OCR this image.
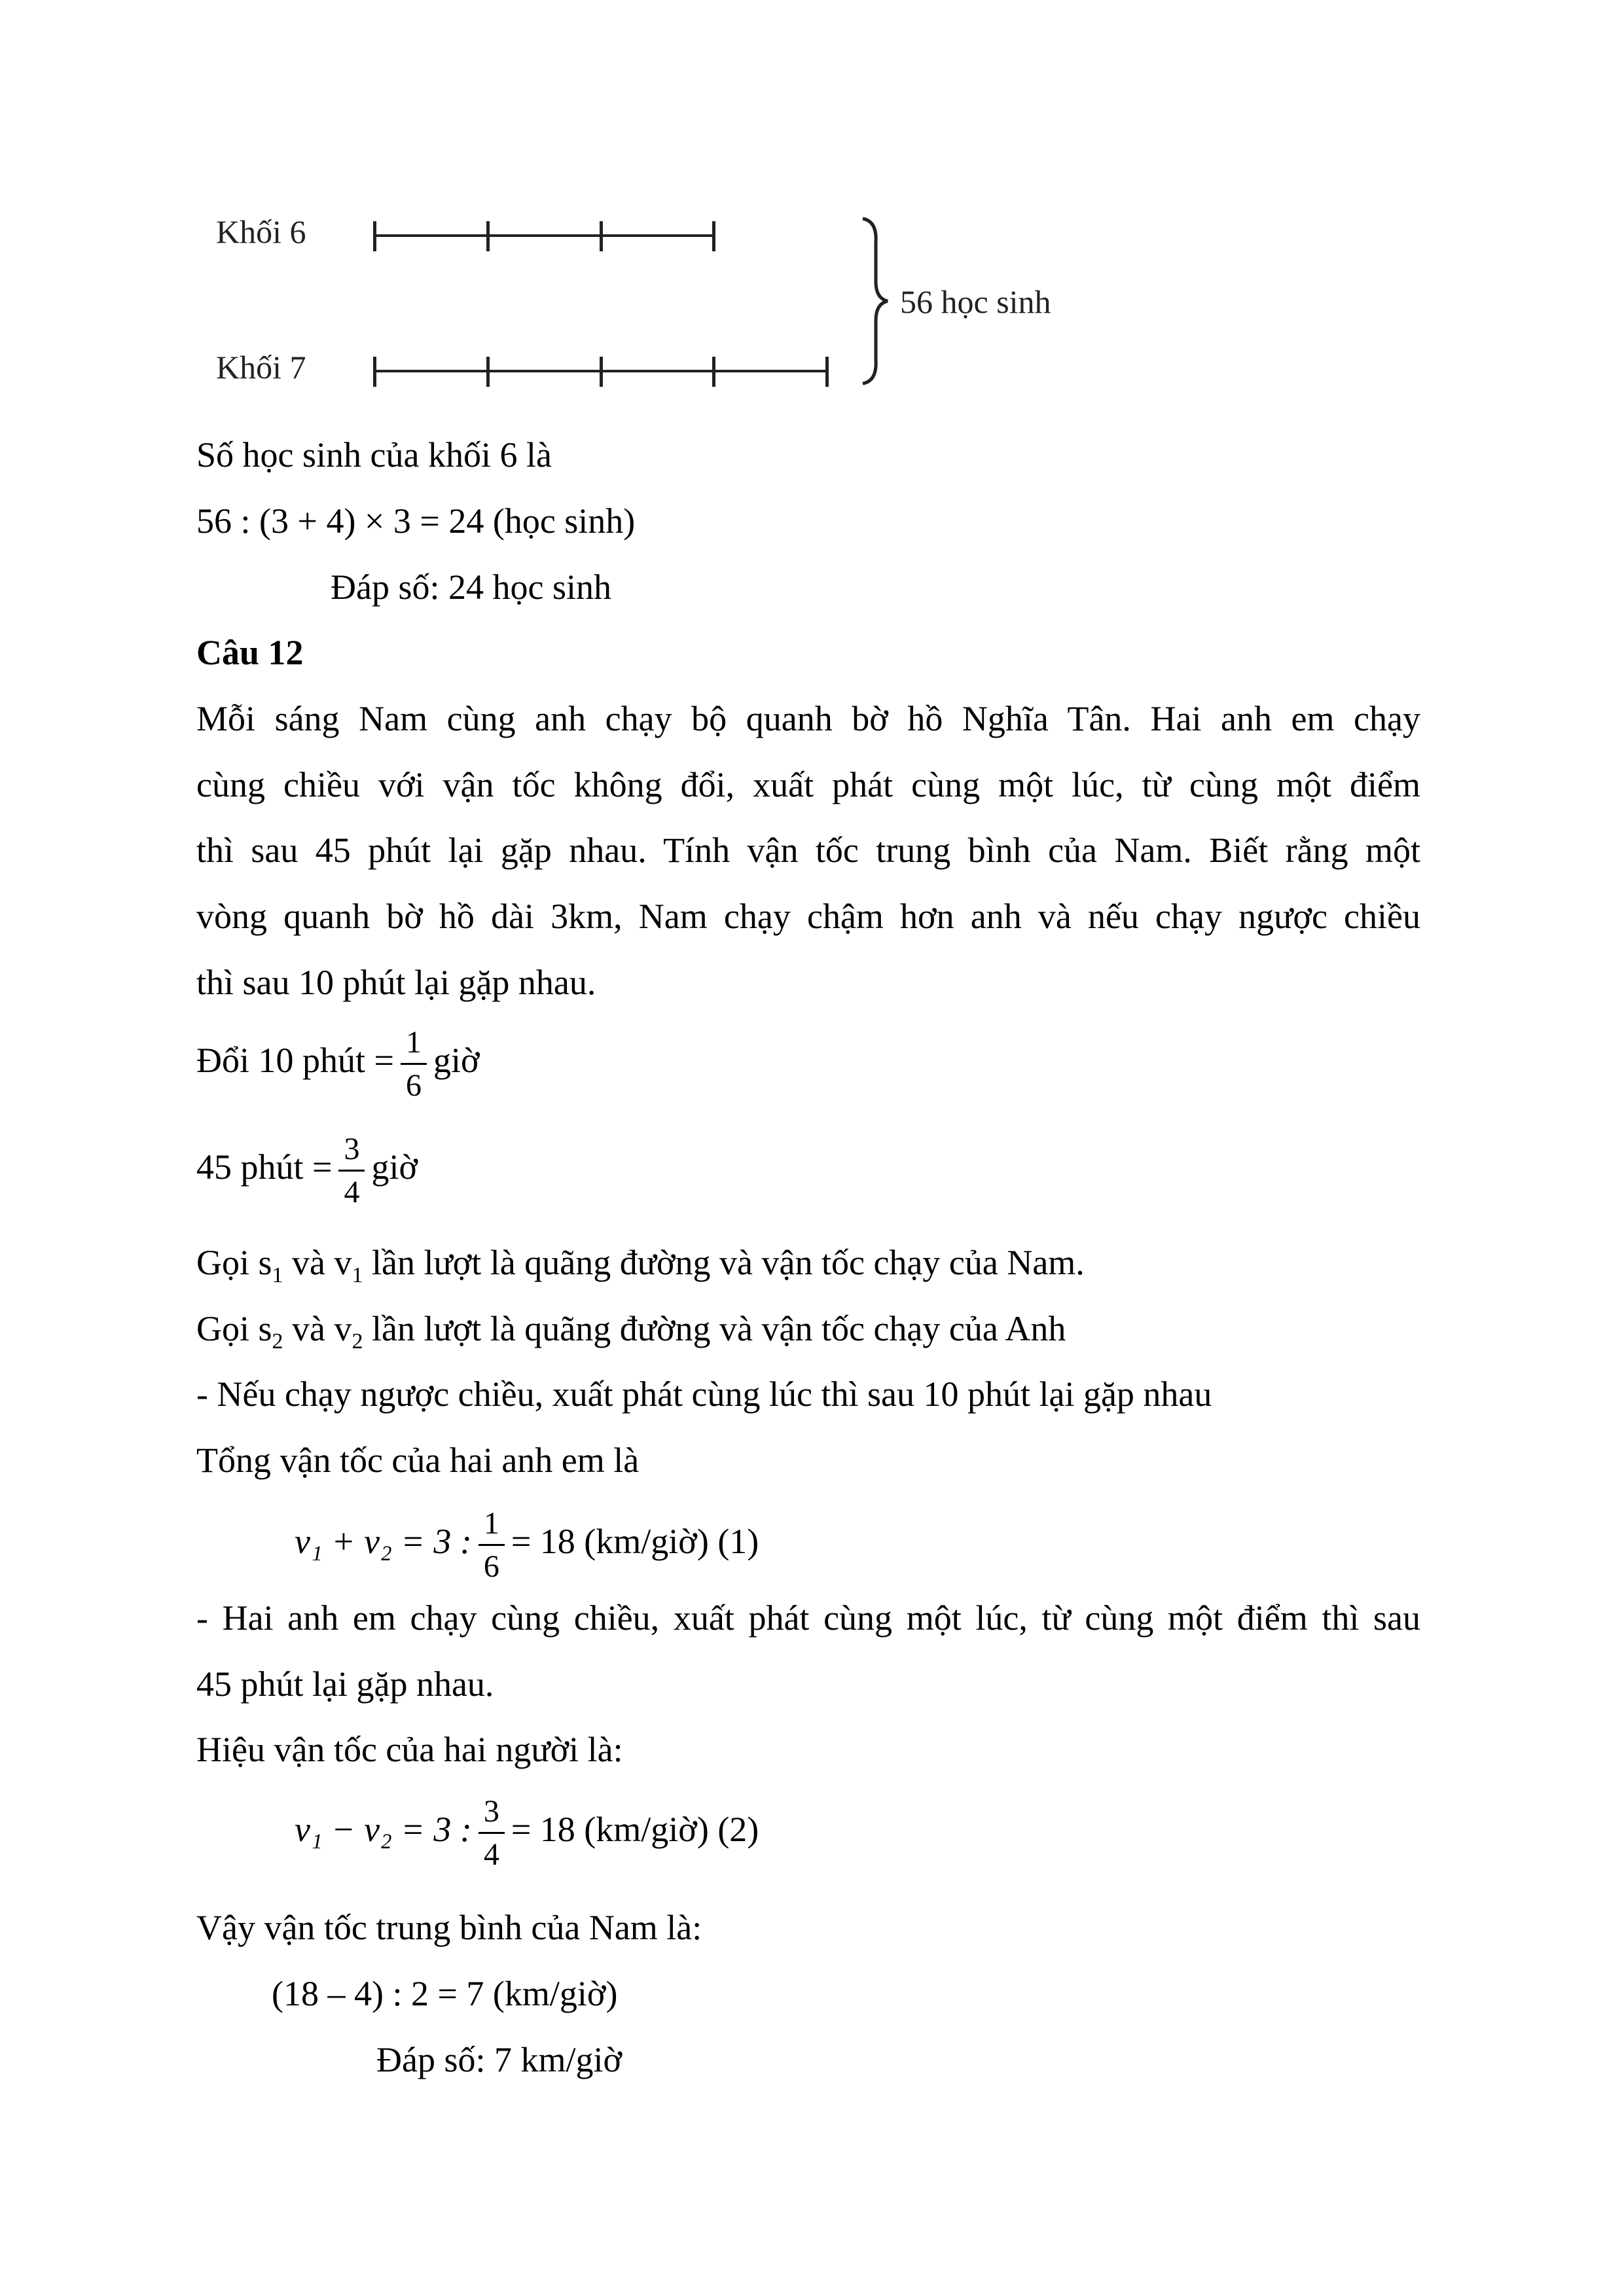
Khối 6
Khối 7
56 học sinh
Số học sinh của khối 6 là
56 : (3 + 4) × 3 = 24 (học sinh)
Đáp số: 24 học sinh
Câu 12
Mỗi sáng Nam cùng anh chạy bộ quanh bờ hồ Nghĩa Tân. Hai anh em chạy
cùng chiều với vận tốc không đổi, xuất phát cùng một lúc, từ cùng một điểm
thì sau 45 phút lại gặp nhau. Tính vận tốc trung bình của Nam. Biết rằng một
vòng quanh bờ hồ dài 3km, Nam chạy chậm hơn anh và nếu chạy ngược chiều
thì sau 10 phút lại gặp nhau.
Đổi 10 phút = $\frac{1}{6}$ giờ
45 phút = $\frac{3}{4}$ giờ
Gọi $s_1$ và $v_1$ lần lượt là quãng đường và vận tốc chạy của Nam.
Gọi $s_2$ và $v_2$ lần lượt là quãng đường và vận tốc chạy của Anh
- Nếu chạy ngược chiều, xuất phát cùng lúc thì sau 10 phút lại gặp nhau
Tổng vận tốc của hai anh em là
v₁ + v₂ = 3 : $\frac{1}{6} = 18$ (km/giờ) (1)
- Hai anh em chạy cùng chiều, xuất phát cùng một lúc, từ cùng một điểm thì sau
45 phút lại gặp nhau.
Hiệu vận tốc của hai người là:
v₁ − v₂ = 3 : $\frac{3}{4} = 18$ (km/giờ) (2)
Vậy vận tốc trung bình của Nam là:
(18 – 4) : 2 = 7 (km/giờ)
Đáp số: 7 km/giờ
